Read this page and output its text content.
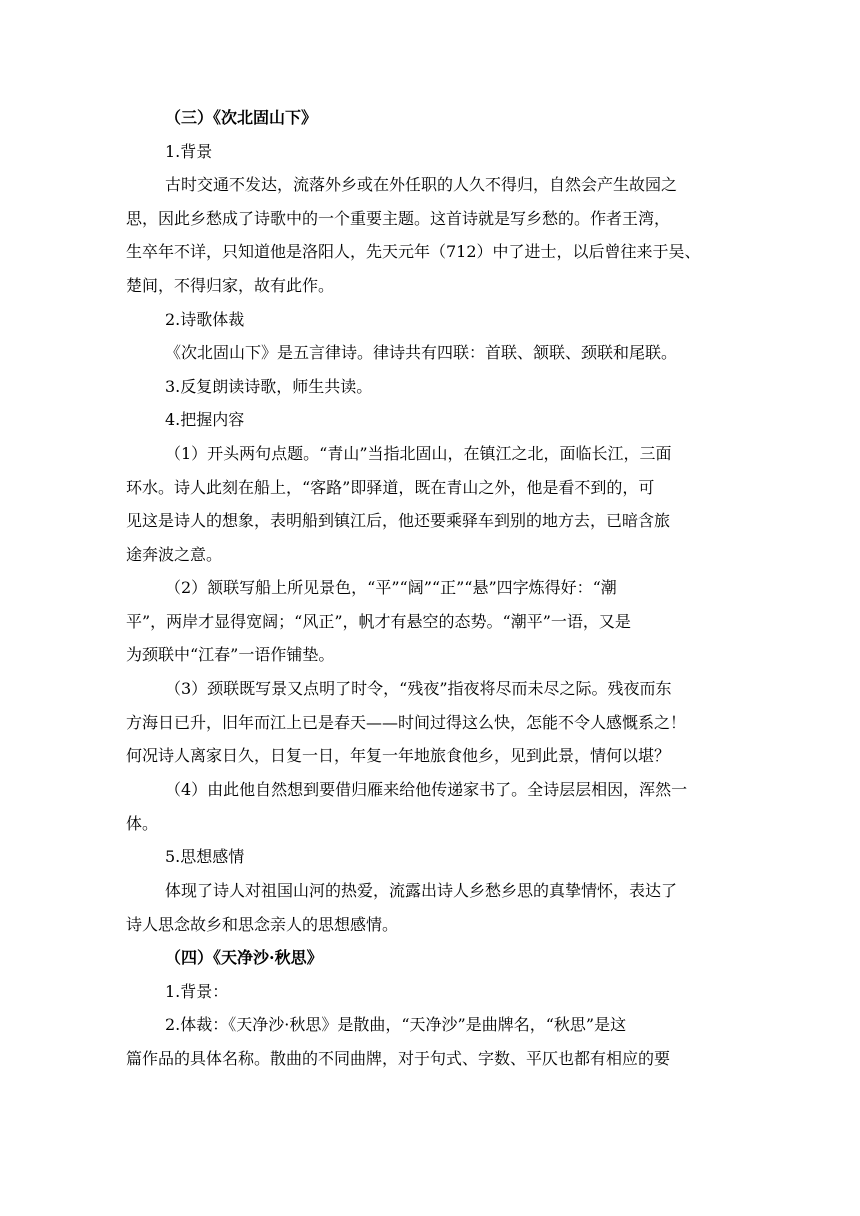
（三）《次北固山下》
1.背景
古时交通不发达，流落外乡或在外任职的人久不得归，自然会产生故园之
思，因此乡愁成了诗歌中的一个重要主题。这首诗就是写乡愁的。作者王湾，
生卒年不详，只知道他是洛阳人，先天元年（712）中了进士，以后曾往来于吴、
楚间，不得归家，故有此作。
2.诗歌体裁
《次北固山下》是五言律诗。律诗共有四联：首联、颔联、颈联和尾联。
3.反复朗读诗歌，师生共读。
4.把握内容
（1）开头两句点题。“青山”当指北固山，在镇江之北，面临长江，三面
环水。诗人此刻在船上，“客路”即驿道，既在青山之外，他是看不到的，可
见这是诗人的想象，表明船到镇江后，他还要乘驿车到别的地方去，已暗含旅
途奔波之意。
（2）颔联写船上所见景色，“平”“阔”“正”“悬”四字炼得好：“潮
平”，两岸才显得宽阔；“风正”，帆才有悬空的态势。“潮平”一语，又是
为颈联中“江春”一语作铺垫。
（3）颈联既写景又点明了时令，“残夜”指夜将尽而未尽之际。残夜而东
方海日已升，旧年而江上已是春天——时间过得这么快，怎能不令人感慨系之！
何况诗人离家日久，日复一日，年复一年地旅食他乡，见到此景，情何以堪？
（4）由此他自然想到要借归雁来给他传递家书了。全诗层层相因，浑然一
体。
5.思想感情
体现了诗人对祖国山河的热爱，流露出诗人乡愁乡思的真挚情怀，表达了
诗人思念故乡和思念亲人的思想感情。
（四）《天净沙·秋思》
1.背景：
2.体裁：《天净沙·秋思》是散曲，“天净沙”是曲牌名，“秋思”是这
篇作品的具体名称。散曲的不同曲牌，对于句式、字数、平仄也都有相应的要
